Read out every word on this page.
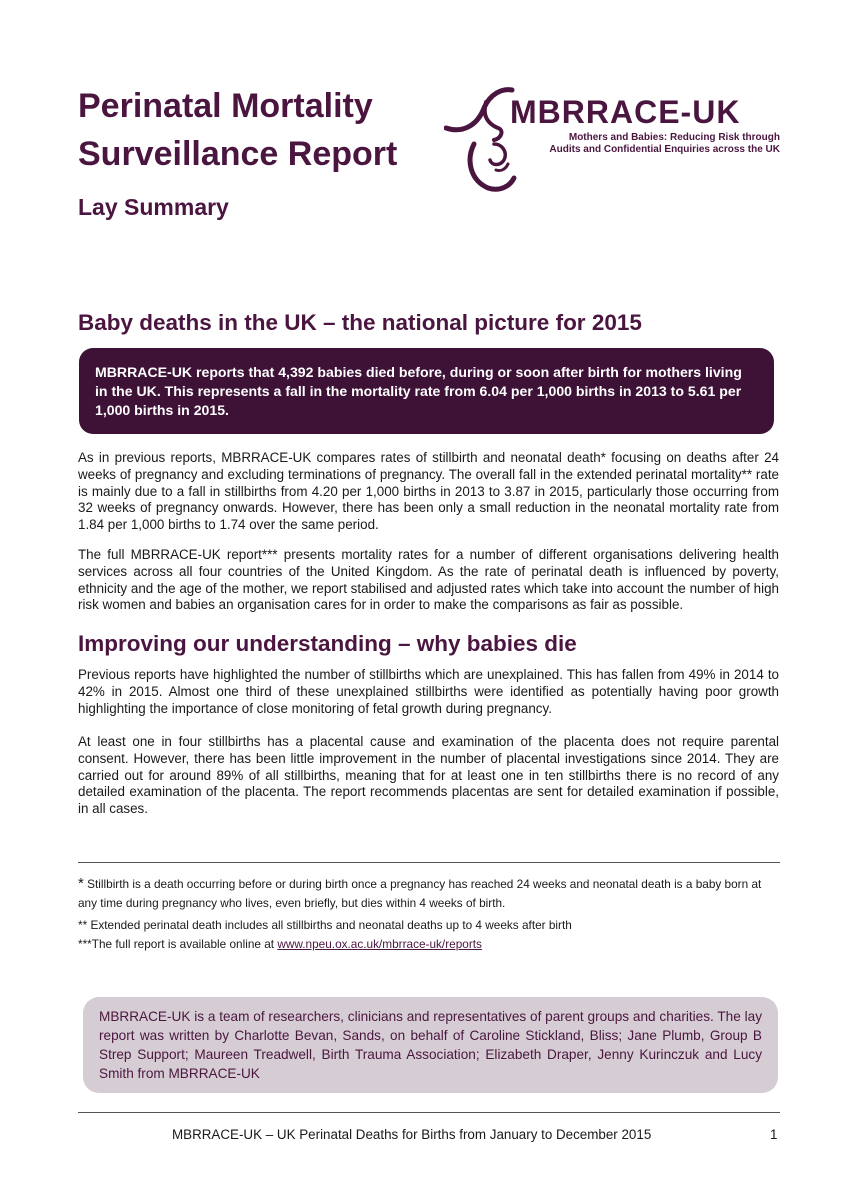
Perinatal Mortality
Surveillance Report
Lay Summary
MBRRACE-UK
Mothers and Babies: Reducing Risk through
Audits and Confidential Enquiries across the UK
Baby deaths in the UK – the national picture for 2015
MBRRACE-UK reports that 4,392 babies died before, during or soon after birth for mothers living in the UK. This represents a fall in the mortality rate from 6.04 per 1,000 births in 2013 to 5.61 per 1,000 births in 2015.

As in previous reports, MBRRACE-UK compares rates of stillbirth and neonatal death* focusing on deaths after 24 weeks of pregnancy and excluding terminations of pregnancy. The overall fall in the extended perinatal mortality** rate is mainly due to a fall in stillbirths from 4.20 per 1,000 births in 2013 to 3.87 in 2015, particularly those occurring from 32 weeks of pregnancy onwards. However, there has been only a small reduction in the neonatal mortality rate from 1.84 per 1,000 births to 1.74 over the same period.

The full MBRRACE-UK report*** presents mortality rates for a number of different organisations delivering health services across all four countries of the United Kingdom. As the rate of perinatal death is influenced by poverty, ethnicity and the age of the mother, we report stabilised and adjusted rates which take into account the number of high risk women and babies an organisation cares for in order to make the comparisons as fair as possible.

Improving our understanding – why babies die

Previous reports have highlighted the number of stillbirths which are unexplained. This has fallen from 49% in 2014 to 42% in 2015. Almost one third of these unexplained stillbirths were identified as potentially having poor growth highlighting the importance of close monitoring of fetal growth during pregnancy.

At least one in four stillbirths has a placental cause and examination of the placenta does not require parental consent. However, there has been little improvement in the number of placental investigations since 2014. They are carried out for around 89% of all stillbirths, meaning that for at least one in ten stillbirths there is no record of any detailed examination of the placenta. The report recommends placentas are sent for detailed examination if possible, in all cases.

* Stillbirth is a death occurring before or during birth once a pregnancy has reached 24 weeks and neonatal death is a baby born at any time during pregnancy who lives, even briefly, but dies within 4 weeks of birth.

** Extended perinatal death includes all stillbirths and neonatal deaths up to 4 weeks after birth

***The full report is available online at www.npeu.ox.ac.uk/mbrrace-uk/reports

MBRRACE-UK is a team of researchers, clinicians and representatives of parent groups and charities. The lay report was written by Charlotte Bevan, Sands, on behalf of Caroline Stickland, Bliss; Jane Plumb, Group B Strep Support; Maureen Treadwell, Birth Trauma Association; Elizabeth Draper, Jenny Kurinczuk and Lucy Smith from MBRRACE-UK
MBRRACE-UK – UK Perinatal Deaths for Births from January to December 2015	1
